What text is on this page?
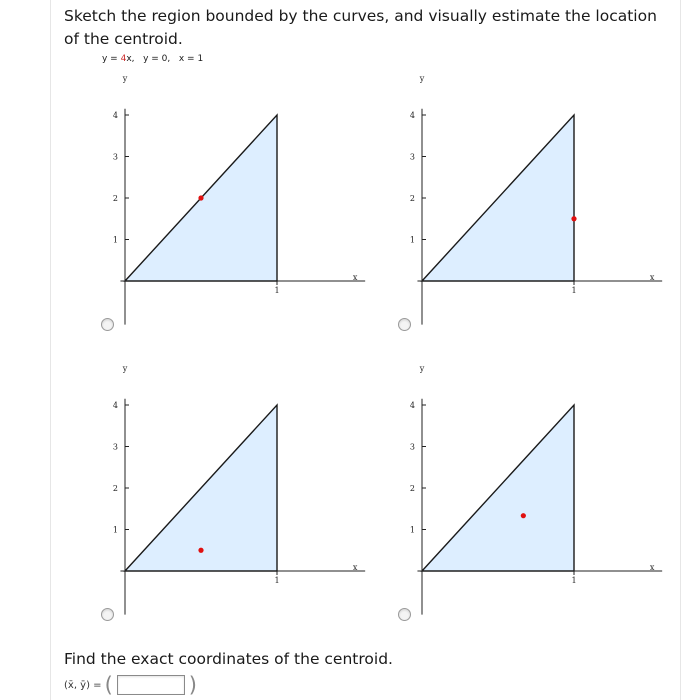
Sketch the region bounded by the curves, and visually estimate the location of the centroid.
y = 4x,   y = 0,   x = 1
1
2
3
4
1
y
x
1
2
3
4
1
y
x
1
2
3
4
1
y
x
1
2
3
4
1
y
x
Find the exact coordinates of the centroid.
(x̄, ȳ) = (	)
